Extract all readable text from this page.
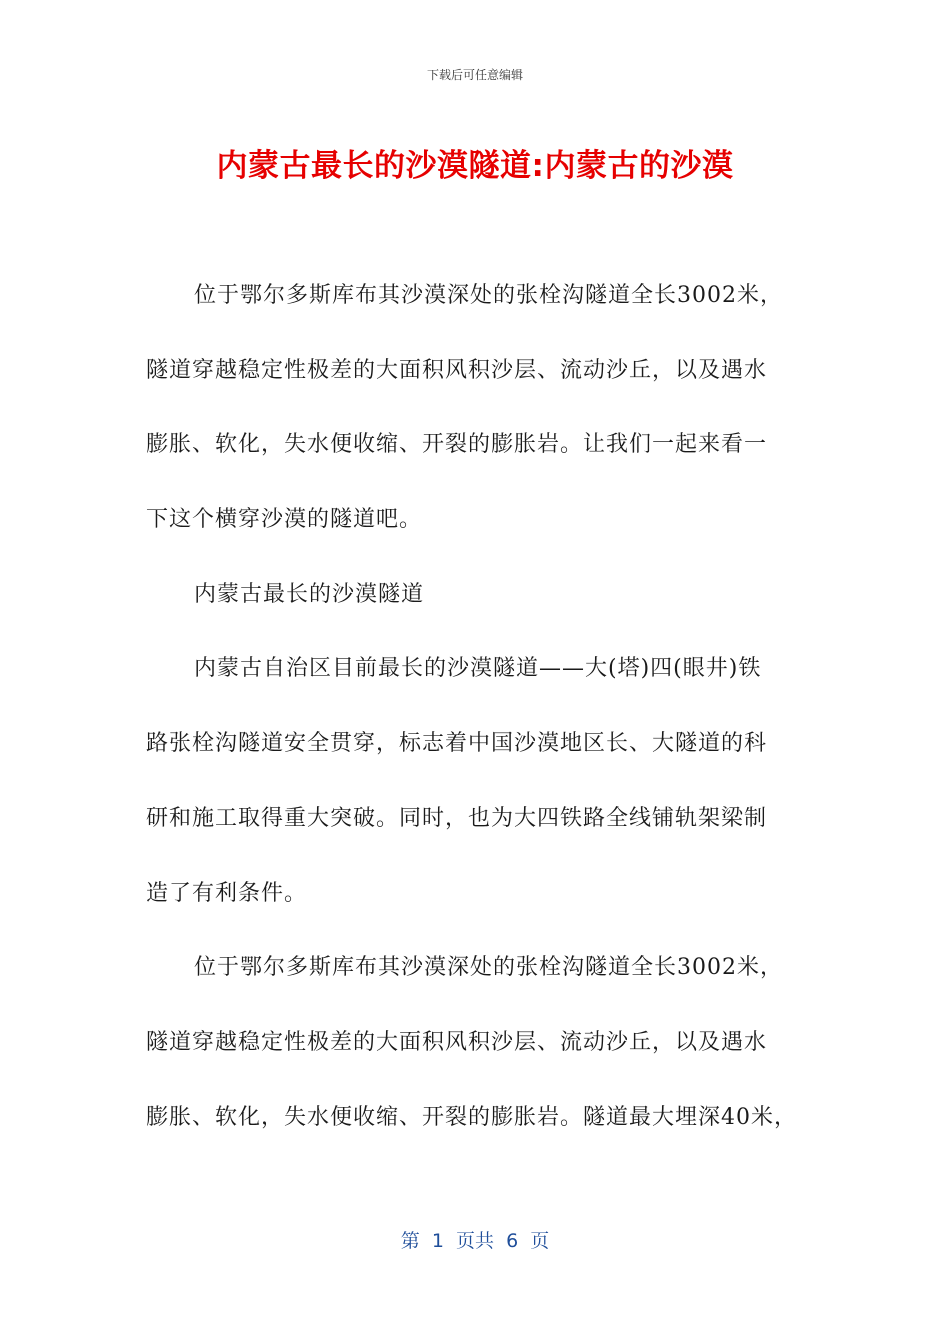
下载后可任意编辑
内蒙古最长的沙漠隧道:内蒙古的沙漠
位于鄂尔多斯库布其沙漠深处的张栓沟隧道全长3002米，
隧道穿越稳定性极差的大面积风积沙层、流动沙丘，以及遇水
膨胀、软化，失水便收缩、开裂的膨胀岩。让我们一起来看一
下这个横穿沙漠的隧道吧。
内蒙古最长的沙漠隧道
内蒙古自治区目前最长的沙漠隧道——大(塔)四(眼井)铁
路张栓沟隧道安全贯穿，标志着中国沙漠地区长、大隧道的科
研和施工取得重大突破。同时，也为大四铁路全线铺轨架梁制
造了有利条件。
位于鄂尔多斯库布其沙漠深处的张栓沟隧道全长3002米，
隧道穿越稳定性极差的大面积风积沙层、流动沙丘，以及遇水
膨胀、软化，失水便收缩、开裂的膨胀岩。隧道最大埋深40米，
第  1  页共  6  页
